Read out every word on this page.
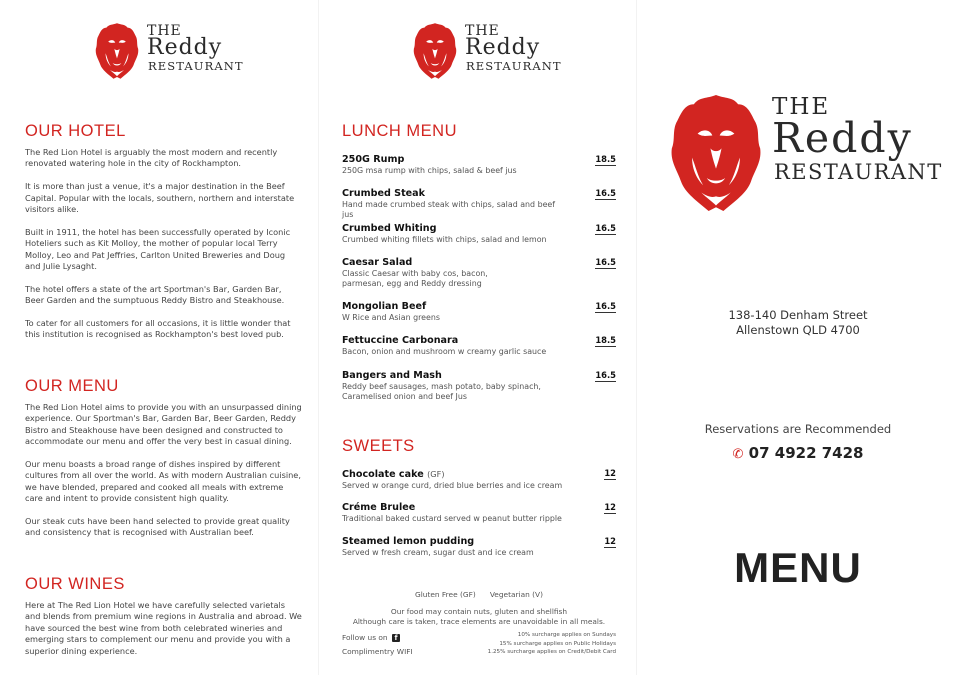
THE
Reddy
RESTAURANT
OUR HOTEL

The Red Lion Hotel is arguably the most modern and recently renovated watering hole in the city of Rockhampton.

It is more than just a venue, it's a major destination in the Beef Capital. Popular with the locals, southern, northern and interstate visitors alike.

Built in 1911, the hotel has been successfully operated by Iconic Hoteliers such as Kit Molloy, the mother of popular local Terry Molloy, Leo and Pat Jeffries, Carlton United Breweries and Doug and Julie Lysaght.

The hotel offers a state of the art Sportman's Bar, Garden Bar, Beer Garden and the sumptuous Reddy Bistro and Steakhouse.

To cater for all customers for all occasions, it is little wonder that this institution is recognised as Rockhampton's best loved pub.

OUR MENU

The Red Lion Hotel aims to provide you with an unsurpassed dining experience. Our Sportman's Bar, Garden Bar, Beer Garden, Reddy Bistro and Steakhouse have been designed and constructed to accommodate our menu and offer the very best in casual dining.

Our menu boasts a broad range of dishes inspired by different cultures from all over the world. As with modern Australian cuisine, we have blended, prepared and cooked all meals with extreme care and intent to provide consistent high quality.

Our steak cuts have been hand selected to provide great quality and consistency that is recognised with Australian beef.

OUR WINES

Here at The Red Lion Hotel we have carefully selected varietals and blends from premium wine regions in Australia and abroad. We have sourced the best wine from both celebrated wineries and emerging stars to complement our menu and provide you with a superior dining experience.

THE
Reddy
RESTAURANT
LUNCH MENU
250G Rump
250G msa rump with chips, salad & beef jus
18.5
Crumbed Steak
Hand made crumbed steak with chips, salad and beef jus
16.5
Crumbed Whiting
Crumbed whiting fillets with chips, salad and lemon
16.5
Caesar Salad
Classic Caesar with baby cos, bacon, parmesan, egg and Reddy dressing
16.5
Mongolian Beef
W Rice and Asian greens
16.5
Fettuccine Carbonara
Bacon, onion and mushroom w creamy garlic sauce
18.5
Bangers and Mash
Reddy beef sausages, mash potato, baby spinach, Caramelised onion and beef Jus
16.5
SWEETS
Chocolate cake (GF)
Served w orange curd, dried blue berries and ice cream
12
Créme Brulee
Traditional baked custard served w peanut butter ripple
12
Steamed lemon pudding
Served w fresh cream, sugar dust and ice cream
12
Gluten Free (GF) Vegetarian (V)
Our food may contain nuts, gluten and shellfish
Although care is taken, trace elements are unavoidable in all meals.
Follow us on f
Complimentry WIFI
10% surcharge applies on Sundays
15% surcharge applies on Public Holidays
1.25% surcharge applies on Credit/Debit Card
THE
Reddy
RESTAURANT
138-140 Denham Street
Allenstown QLD 4700
Reservations are Recommended
✆ 07 4922 7428
MENU
